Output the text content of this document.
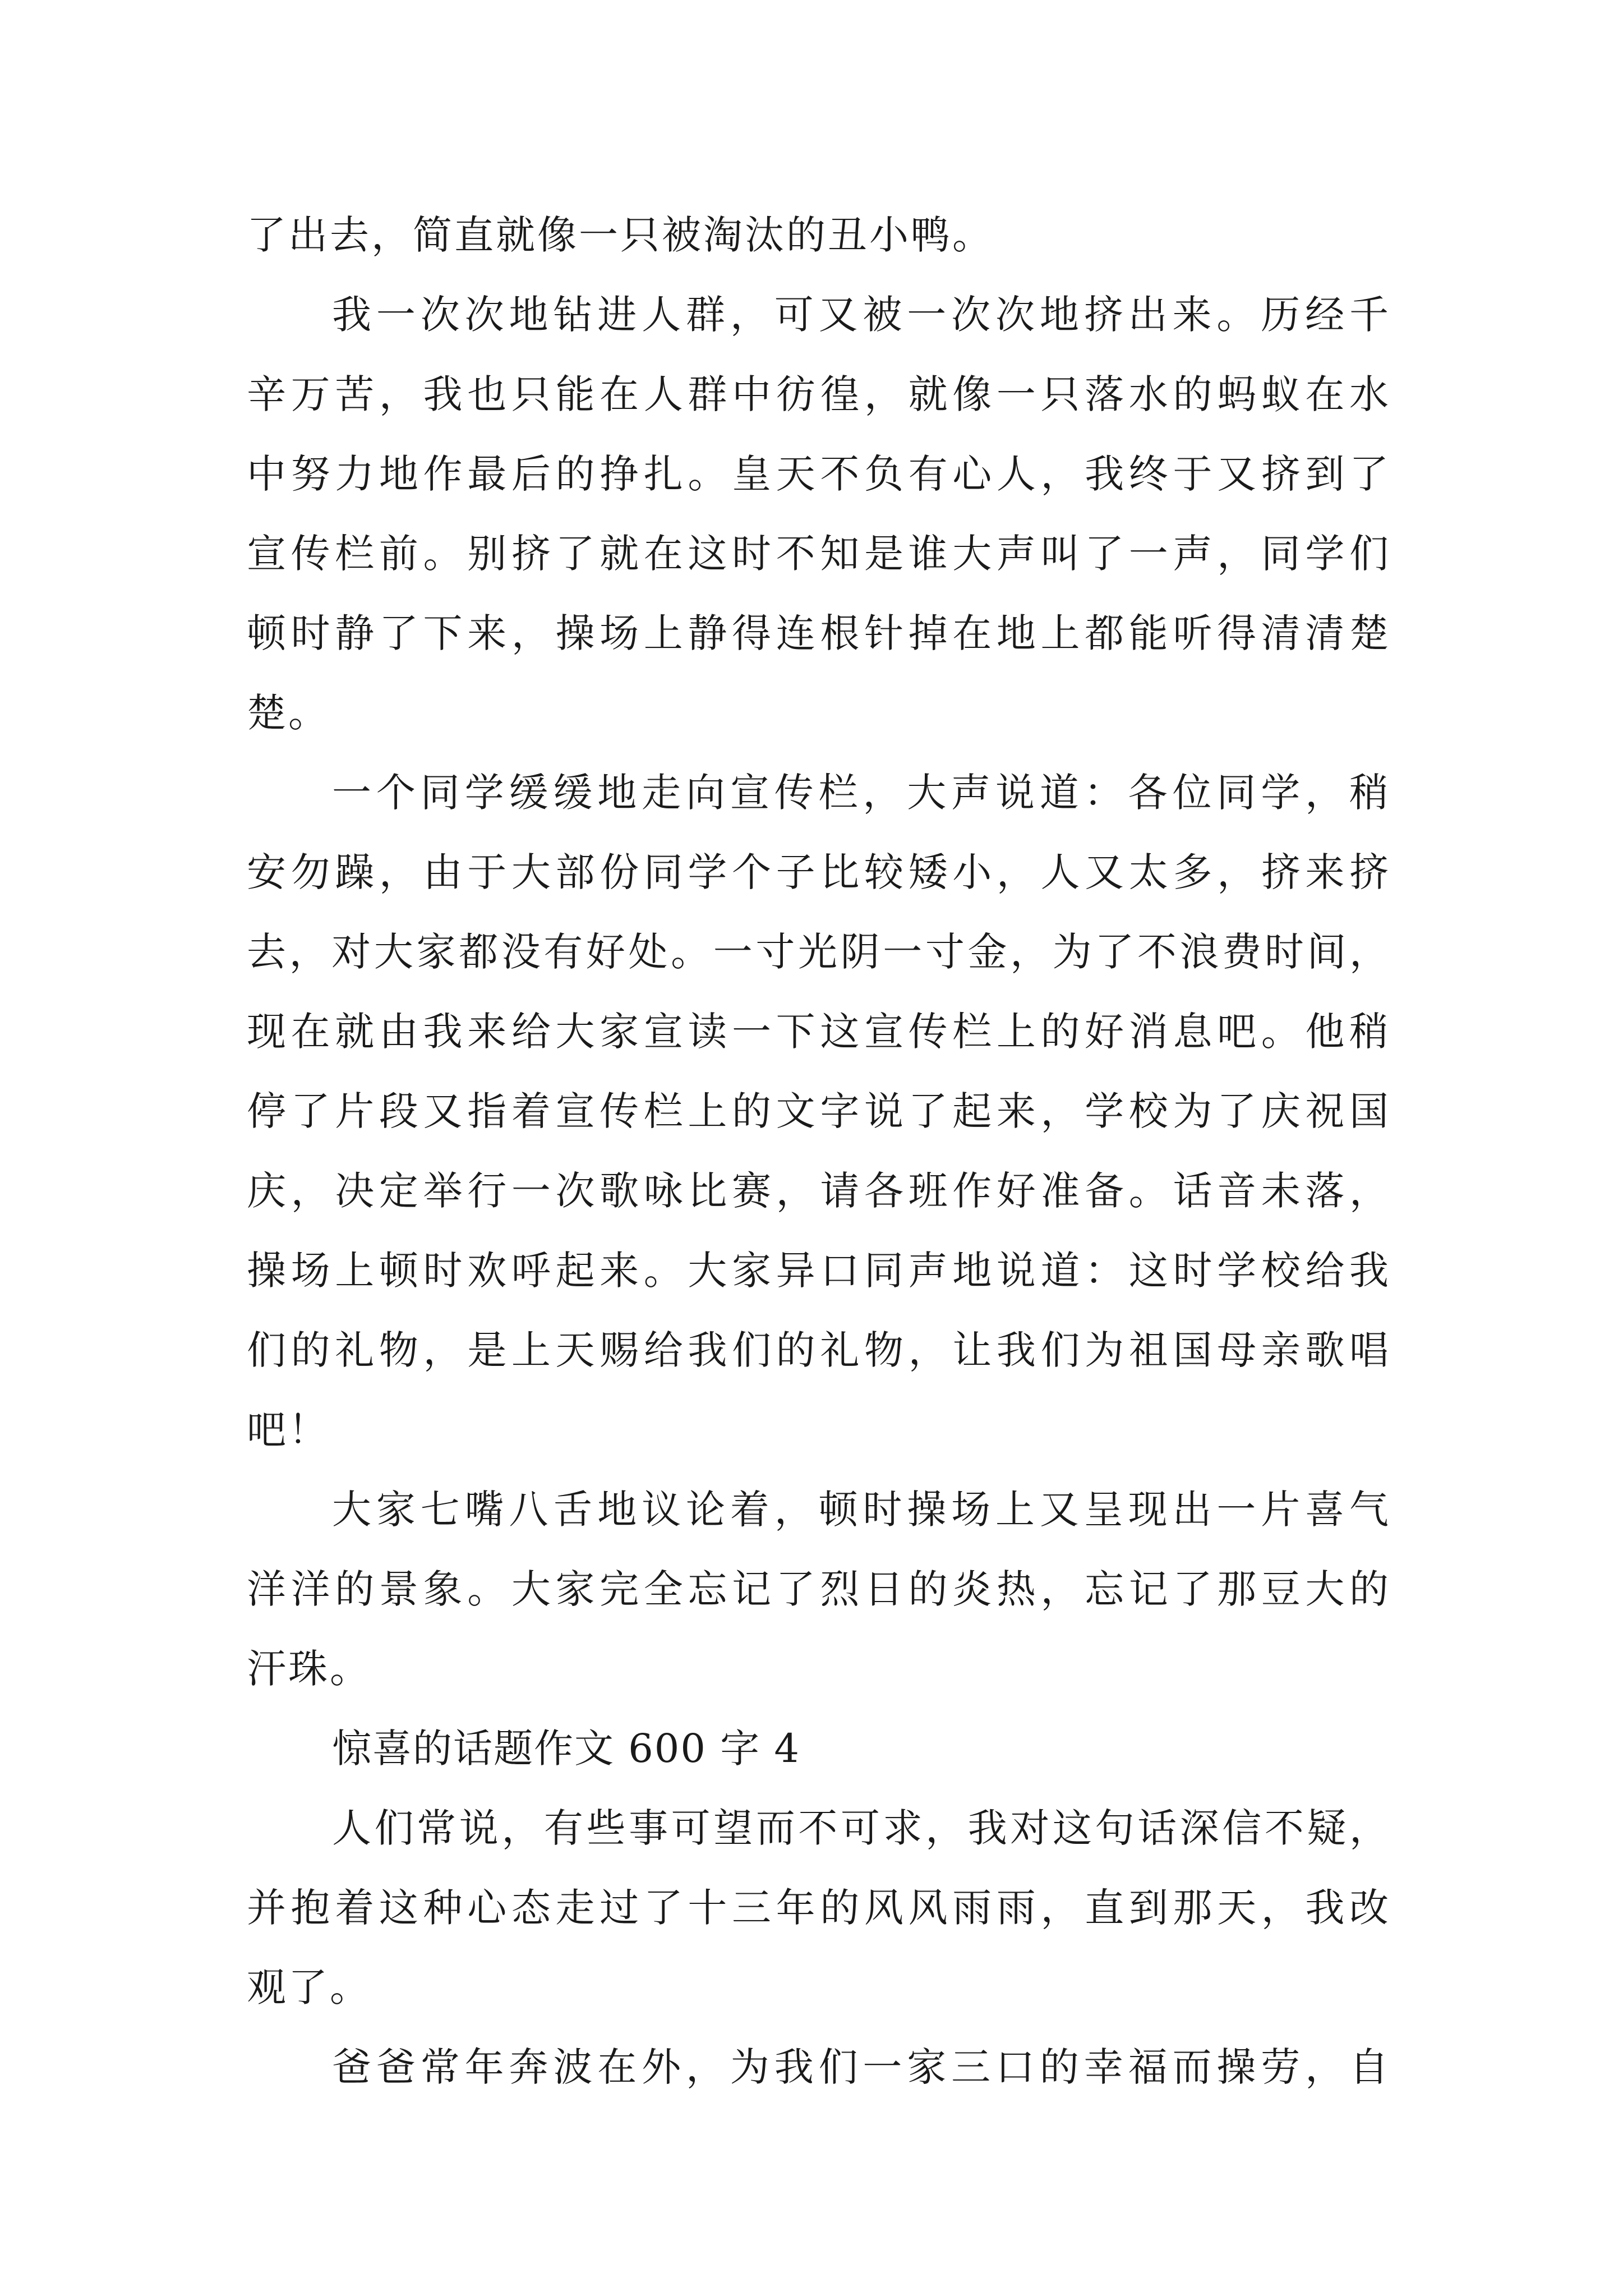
了出去，简直就像一只被淘汰的丑小鸭。
我一次次地钻进人群，可又被一次次地挤出来。历经千
辛万苦，我也只能在人群中彷徨，就像一只落水的蚂蚁在水
中努力地作最后的挣扎。皇天不负有心人，我终于又挤到了
宣传栏前。别挤了就在这时不知是谁大声叫了一声，同学们
顿时静了下来，操场上静得连根针掉在地上都能听得清清楚
楚。
一个同学缓缓地走向宣传栏，大声说道：各位同学，稍
安勿躁，由于大部份同学个子比较矮小，人又太多，挤来挤
去，对大家都没有好处。一寸光阴一寸金，为了不浪费时间，
现在就由我来给大家宣读一下这宣传栏上的好消息吧。他稍
停了片段又指着宣传栏上的文字说了起来，学校为了庆祝国
庆，决定举行一次歌咏比赛，请各班作好准备。话音未落，
操场上顿时欢呼起来。大家异口同声地说道：这时学校给我
们的礼物，是上天赐给我们的礼物，让我们为祖国母亲歌唱
吧！
大家七嘴八舌地议论着，顿时操场上又呈现出一片喜气
洋洋的景象。大家完全忘记了烈日的炎热，忘记了那豆大的
汗珠。
惊喜的话题作文 600 字 4
人们常说，有些事可望而不可求，我对这句话深信不疑，
并抱着这种心态走过了十三年的风风雨雨，直到那天，我改
观了。
爸爸常年奔波在外，为我们一家三口的幸福而操劳，自
